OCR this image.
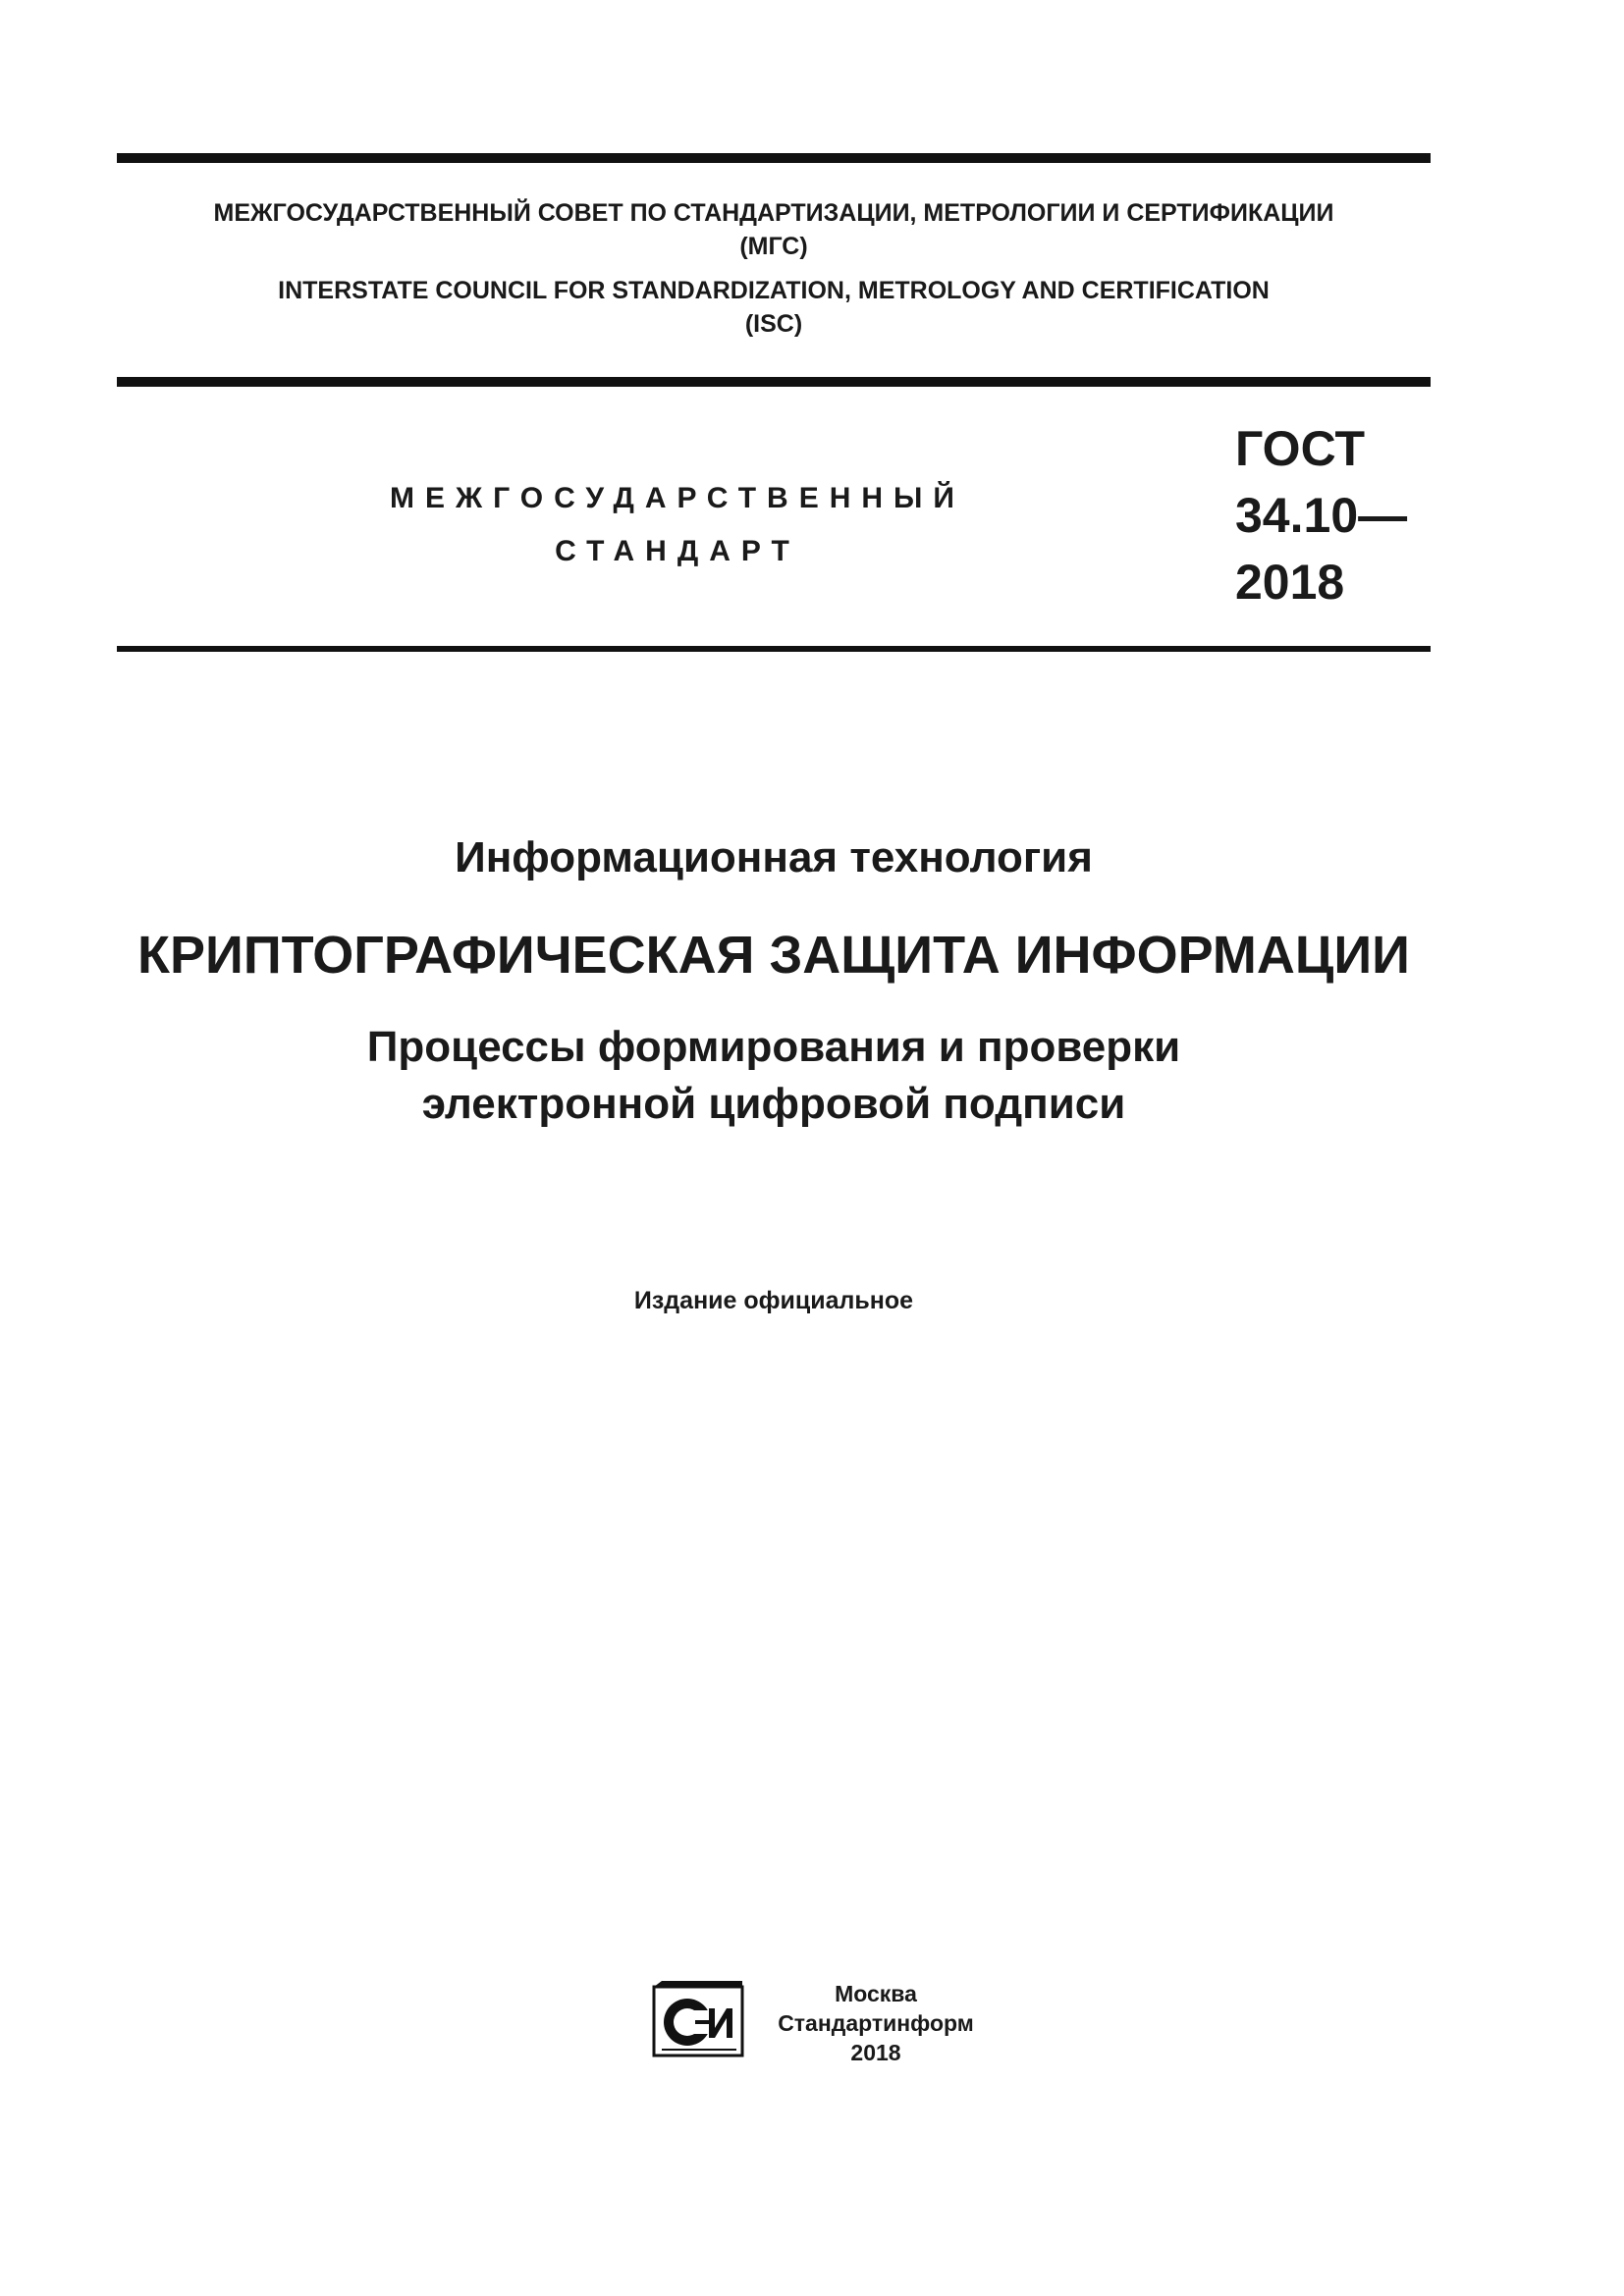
МЕЖГОСУДАРСТВЕННЫЙ СОВЕТ ПО СТАНДАРТИЗАЦИИ, МЕТРОЛОГИИ И СЕРТИФИКАЦИИ
(МГС)
INTERSTATE COUNCIL FOR STANDARDIZATION, METROLOGY AND CERTIFICATION
(ISC)
МЕЖГОСУДАРСТВЕННЫЙ
СТАНДАРТ
ГОСТ
34.10—
2018
Информационная технология
КРИПТОГРАФИЧЕСКАЯ ЗАЩИТА ИНФОРМАЦИИ
Процессы формирования и проверки
электронной цифровой подписи
Издание официальное
Москва
Стандартинформ
2018
